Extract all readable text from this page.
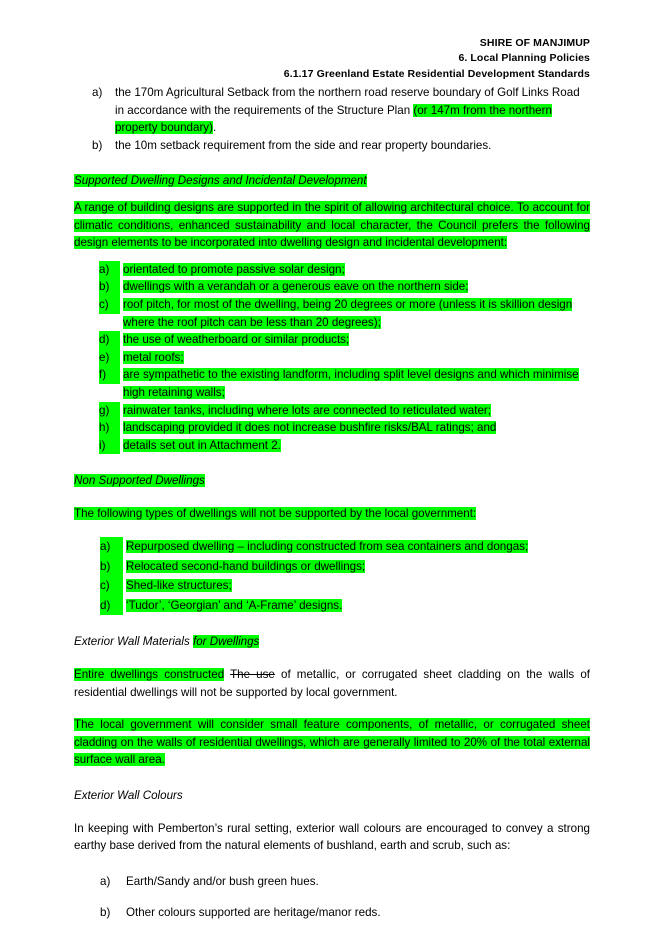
SHIRE OF MANJIMUP
6. Local Planning Policies
6.1.17 Greenland Estate Residential Development Standards
a)	the 170m Agricultural Setback from the northern road reserve boundary of Golf Links Road in accordance with the requirements of the Structure Plan (or 147m from the northern property boundary).
b)	the 10m setback requirement from the side and rear property boundaries.
Supported Dwelling Designs and Incidental Development
A range of building designs are supported in the spirit of allowing architectural choice. To account for climatic conditions, enhanced sustainability and local character, the Council prefers the following design elements to be incorporated into dwelling design and incidental development:
a)	orientated to promote passive solar design;
b)	dwellings with a verandah or a generous eave on the northern side;
c)	roof pitch, for most of the dwelling, being 20 degrees or more (unless it is skillion design where the roof pitch can be less than 20 degrees);
d)	the use of weatherboard or similar products;
e)	metal roofs;
f)	are sympathetic to the existing landform, including split level designs and which minimise high retaining walls;
g)	rainwater tanks, including where lots are connected to reticulated water;
h)	landscaping provided it does not increase bushfire risks/BAL ratings; and
i)	details set out in Attachment 2.
Non Supported Dwellings
The following types of dwellings will not be supported by the local government:
a)	Repurposed dwelling – including constructed from sea containers and dongas;
b)	Relocated second-hand buildings or dwellings;
c)	Shed-like structures;
d)	‘Tudor’, ‘Georgian’ and ‘A-Frame’ designs.
Exterior Wall Materials for Dwellings
Entire dwellings constructed The use of metallic, or corrugated sheet cladding on the walls of residential dwellings will not be supported by local government.
The local government will consider small feature components, of metallic, or corrugated sheet cladding on the walls of residential dwellings, which are generally limited to 20% of the total external surface wall area.
Exterior Wall Colours
In keeping with Pemberton’s rural setting, exterior wall colours are encouraged to convey a strong earthy base derived from the natural elements of bushland, earth and scrub, such as:
a)	Earth/Sandy and/or bush green hues.
b)	Other colours supported are heritage/manor reds.
